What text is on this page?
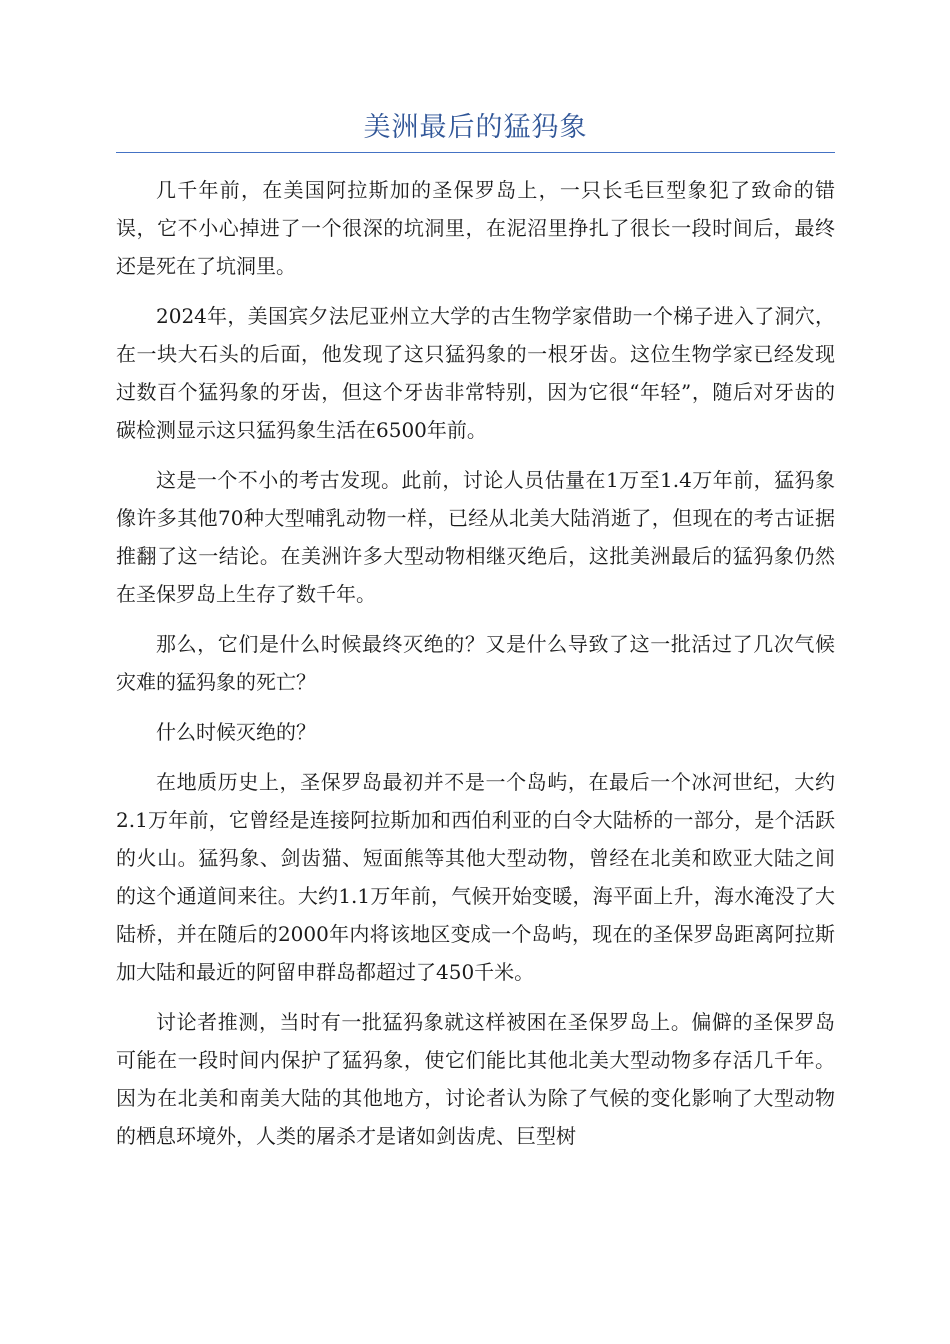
美洲最后的猛犸象

几千年前，在美国阿拉斯加的圣保罗岛上，一只长毛巨型象犯了致命的错误，它不小心掉进了一个很深的坑洞里，在泥沼里挣扎了很长一段时间后，最终还是死在了坑洞里。

2024年，美国宾夕法尼亚州立大学的古生物学家借助一个梯子进入了洞穴，在一块大石头的后面，他发现了这只猛犸象的一根牙齿。这位生物学家已经发现过数百个猛犸象的牙齿，但这个牙齿非常特别，因为它很“年轻”，随后对牙齿的碳检测显示这只猛犸象生活在6500年前。

这是一个不小的考古发现。此前，讨论人员估量在1万至1.4万年前，猛犸象像许多其他70种大型哺乳动物一样，已经从北美大陆消逝了，但现在的考古证据推翻了这一结论。在美洲许多大型动物相继灭绝后，这批美洲最后的猛犸象仍然在圣保罗岛上生存了数千年。

那么，它们是什么时候最终灭绝的？又是什么导致了这一批活过了几次气候灾难的猛犸象的死亡？

什么时候灭绝的？

在地质历史上，圣保罗岛最初并不是一个岛屿，在最后一个冰河世纪，大约2.1万年前，它曾经是连接阿拉斯加和西伯利亚的白令大陆桥的一部分，是个活跃的火山。猛犸象、剑齿猫、短面熊等其他大型动物，曾经在北美和欧亚大陆之间的这个通道间来往。大约1.1万年前，气候开始变暖，海平面上升，海水淹没了大陆桥，并在随后的2000年内将该地区变成一个岛屿，现在的圣保罗岛距离阿拉斯加大陆和最近的阿留申群岛都超过了450千米。

讨论者推测，当时有一批猛犸象就这样被困在圣保罗岛上。偏僻的圣保罗岛可能在一段时间内保护了猛犸象，使它们能比其他北美大型动物多存活几千年。因为在北美和南美大陆的其他地方，讨论者认为除了气候的变化影响了大型动物的栖息环境外，人类的屠杀才是诸如剑齿虎、巨型树
